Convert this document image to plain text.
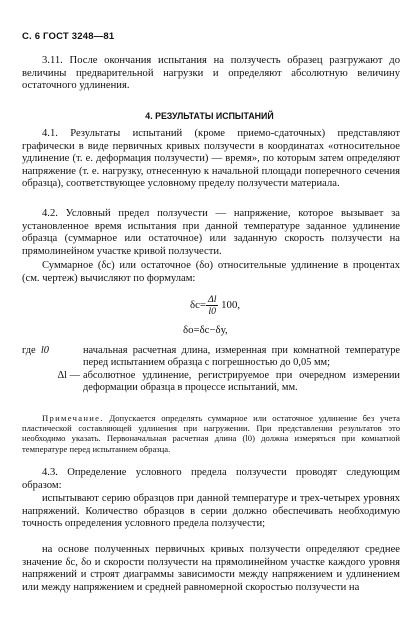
С. 6 ГОСТ 3248—81
3.11. После окончания испытания на ползучесть образец разгружают до величины предварительной нагрузки и определяют абсолютную величину остаточного удлинения.
4. РЕЗУЛЬТАТЫ ИСПЫТАНИЙ
4.1. Результаты испытаний (кроме приемо-сдаточных) представляют графически в виде первичных кривых ползучести в координатах «относительное удлинение (т. е. деформация ползучести) — время», по которым затем определяют напряжение (т. е. нагрузку, отнесенную к начальной площади поперечного сечения образца), соответствующее условному пределу ползучести материала.
4.2. Условный предел ползучести — напряжение, которое вызывает за установленное время испытания при данной температуре заданное удлинение образца (суммарное или остаточное) или заданную скорость ползучести на прямолинейном участке кривой ползучести.
Суммарное (δс) или остаточное (δо) относительные удлинение в процентах (см. чертеж) вычисляют по формулам:
$\delta с= \frac{\Delta l}{l0} 100$,
δо=δс−δу,
где l0	начальная расчетная длина, измеренная при комнатной температуре перед испытанием образца с погрешностью до 0,05 мм;
Δl — абсолютное удлинение, регистрируемое при очередном измерении деформации образца в процессе испытаний, мм.
Примечание. Допускается определять суммарное или остаточное удлинение без учета пластической составляющей удлинения при нагружении. При представлении результатов это необходимо указать. Первоначальная расчетная длина (l0) должна измеряться при комнатной температуре перед испытанием образца.
4.3. Определение условного предела ползучести проводят следующим образом:
испытывают серию образцов при данной температуре и трех-четырех уровнях напряжений. Количество образцов в серии должно обеспечивать необходимую точность определения условного предела ползучести;
на основе полученных первичных кривых ползучести определяют среднее значение δс, δо и скорости ползучести на прямолинейном участке каждого уровня напряжений и строят диаграммы зависимости между напряжением и удлинением или между напряжением и средней равномерной скоростью ползучести на
